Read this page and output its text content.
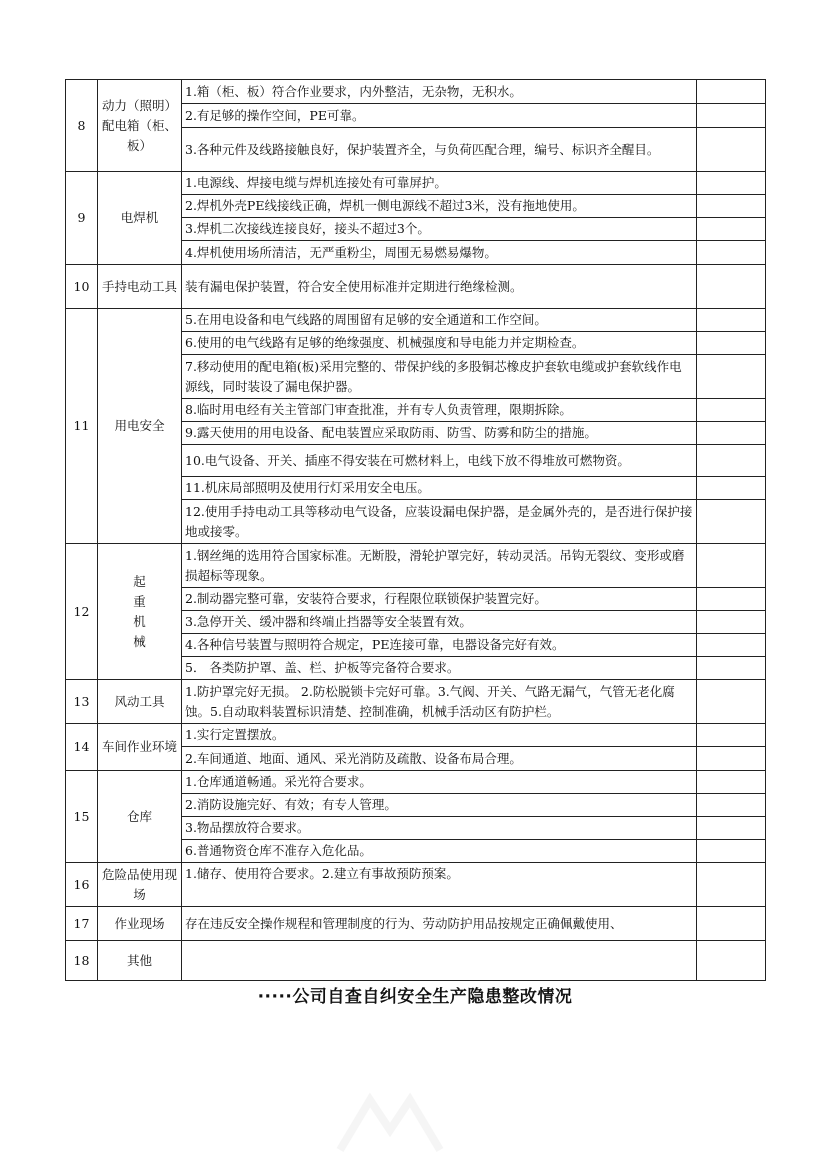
8	动力（照明）配电箱（柜、板）	1.箱（柜、板）符合作业要求，内外整洁，无杂物，无积水。	
		2.有足够的操作空间，PE可靠。	
		3.各种元件及线路接触良好，保护装置齐全，与负荷匹配合理，编号、标识齐全醒目。	
9	电焊机	1.电源线、焊接电缆与焊机连接处有可靠屏护。	
		2.焊机外壳PE线接线正确，焊机一侧电源线不超过3米，没有拖地使用。	
		3.焊机二次接线连接良好，接头不超过3个。	
		4.焊机使用场所清洁，无严重粉尘，周围无易燃易爆物。	
10	手持电动工具	装有漏电保护装置，符合安全使用标准并定期进行绝缘检测。	
11	用电安全	5.在用电设备和电气线路的周围留有足够的安全通道和工作空间。	
		6.使用的电气线路有足够的绝缘强度、机械强度和导电能力并定期检查。	
		7.移动使用的配电箱(板)采用完整的、带保护线的多股铜芯橡皮护套软电缆或护套软线作电源线，同时装设了漏电保护器。	
		8.临时用电经有关主管部门审查批准，并有专人负责管理，限期拆除。	
		9.露天使用的用电设备、配电装置应采取防雨、防雪、防雾和防尘的措施。	
		10.电气设备、开关、插座不得安装在可燃材料上，电线下放不得堆放可燃物资。	
		11.机床局部照明及使用行灯采用安全电压。	
		12.使用手持电动工具等移动电气设备，应装设漏电保护器，是金属外壳的，是否进行保护接地或接零。	
12	起
重
机
械	1.钢丝绳的选用符合国家标准。无断股，滑轮护罩完好，转动灵活。吊钩无裂纹、变形或磨损超标等现象。	
		2.制动器完整可靠，安装符合要求，行程限位联锁保护装置完好。	
		3.急停开关、缓冲器和终端止挡器等安全装置有效。	
		4.各种信号装置与照明符合规定，PE连接可靠，电器设备完好有效。	
		5． 各类防护罩、盖、栏、护板等完备符合要求。	
13	风动工具	1.防护罩完好无损。 2.防松脱锁卡完好可靠。3.气阀、开关、气路无漏气，气管无老化腐蚀。5.自动取料装置标识清楚、控制准确，机械手活动区有防护栏。	
14	车间作业环境	1.实行定置摆放。	
		2.车间通道、地面、通风、采光消防及疏散、设备布局合理。	
15	仓库	1.仓库通道畅通。采光符合要求。	
		2.消防设施完好、有效；有专人管理。	
		3.物品摆放符合要求。	
		6.普通物资仓库不准存入危化品。	
16	危险品使用现场	1.储存、使用符合要求。2.建立有事故预防预案。	
17	作业现场	存在违反安全操作规程和管理制度的行为、劳动防护用品按规定正确佩戴使用、	
18	其他		
·····公司自查自纠安全生产隐患整改情况
